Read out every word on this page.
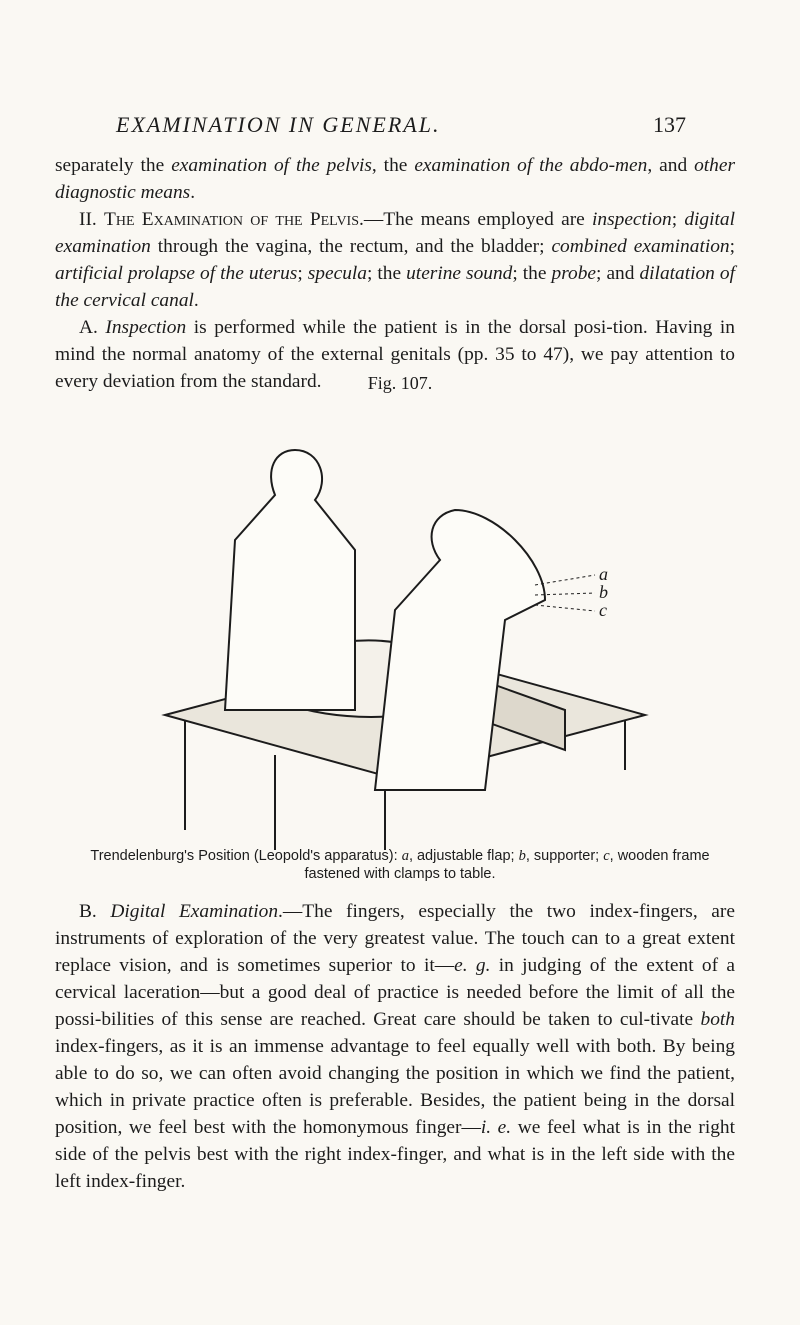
EXAMINATION IN GENERAL.	137

separately the examination of the pelvis, the examination of the abdo-men, and other diagnostic means.

II. The Examination of the Pelvis.—The means employed are inspection; digital examination through the vagina, the rectum, and the bladder; combined examination; artificial prolapse of the uterus; specula; the uterine sound; the probe; and dilatation of the cervical canal.

A. Inspection is performed while the patient is in the dorsal posi-tion. Having in mind the normal anatomy of the external genitals (pp. 35 to 47), we pay attention to every deviation from the standard.	Fig. 107.
a
b
c
Trendelenburg's Position (Leopold's apparatus): a, adjustable flap; b, supporter; c, wooden frame fastened with clamps to table.

B. Digital Examination.—The fingers, especially the two index-fingers, are instruments of exploration of the very greatest value. The touch can to a great extent replace vision, and is sometimes superior to it—e. g. in judging of the extent of a cervical laceration—but a good deal of practice is needed before the limit of all the possi-bilities of this sense are reached. Great care should be taken to cul-tivate both index-fingers, as it is an immense advantage to feel equally well with both. By being able to do so, we can often avoid changing the position in which we find the patient, which in private practice often is preferable. Besides, the patient being in the dorsal position, we feel best with the homonymous finger—i. e. we feel what is in the right side of the pelvis best with the right index-finger, and what is in the left side with the left index-finger.
